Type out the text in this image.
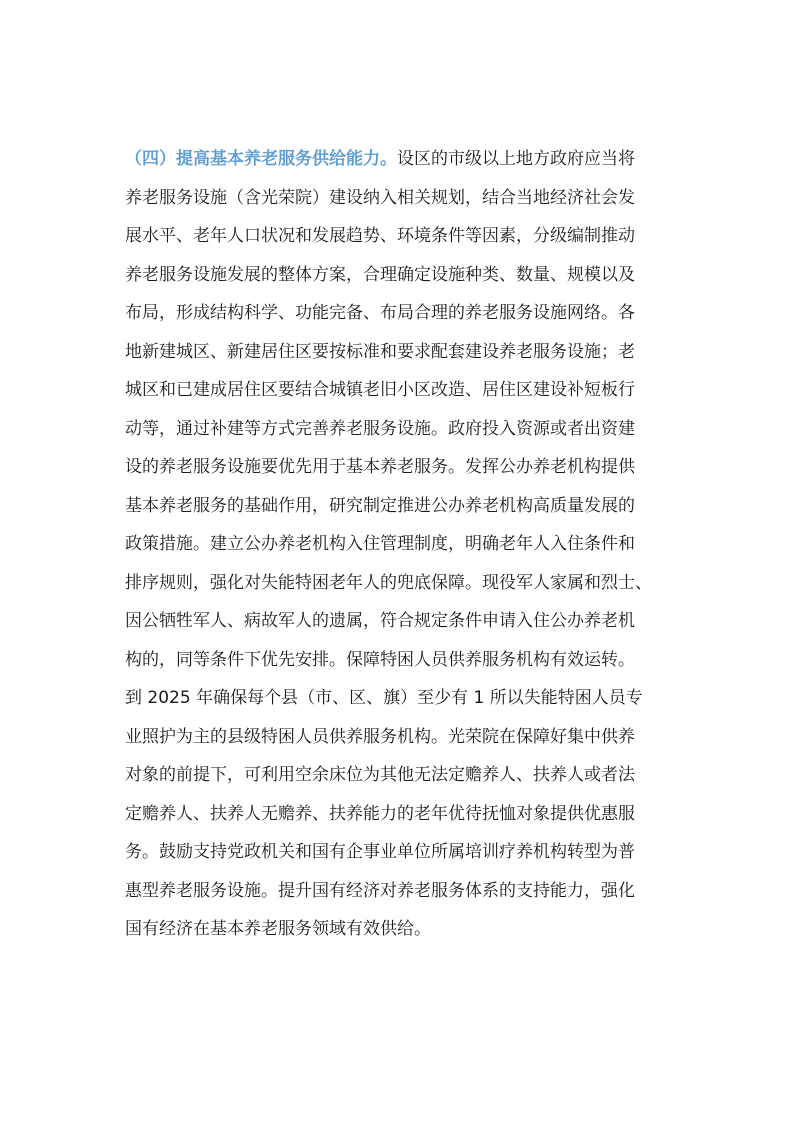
（四）提高基本养老服务供给能力。设区的市级以上地方政府应当将
养老服务设施（含光荣院）建设纳入相关规划，结合当地经济社会发
展水平、老年人口状况和发展趋势、环境条件等因素，分级编制推动
养老服务设施发展的整体方案，合理确定设施种类、数量、规模以及
布局，形成结构科学、功能完备、布局合理的养老服务设施网络。各
地新建城区、新建居住区要按标准和要求配套建设养老服务设施；老
城区和已建成居住区要结合城镇老旧小区改造、居住区建设补短板行
动等，通过补建等方式完善养老服务设施。政府投入资源或者出资建
设的养老服务设施要优先用于基本养老服务。发挥公办养老机构提供
基本养老服务的基础作用，研究制定推进公办养老机构高质量发展的
政策措施。建立公办养老机构入住管理制度，明确老年人入住条件和
排序规则，强化对失能特困老年人的兜底保障。现役军人家属和烈士、
因公牺牲军人、病故军人的遗属，符合规定条件申请入住公办养老机
构的，同等条件下优先安排。保障特困人员供养服务机构有效运转。
到 2025 年确保每个县（市、区、旗）至少有 1 所以失能特困人员专
业照护为主的县级特困人员供养服务机构。光荣院在保障好集中供养
对象的前提下，可利用空余床位为其他无法定赡养人、扶养人或者法
定赡养人、扶养人无赡养、扶养能力的老年优待抚恤对象提供优惠服
务。鼓励支持党政机关和国有企事业单位所属培训疗养机构转型为普
惠型养老服务设施。提升国有经济对养老服务体系的支持能力，强化
国有经济在基本养老服务领域有效供给。
